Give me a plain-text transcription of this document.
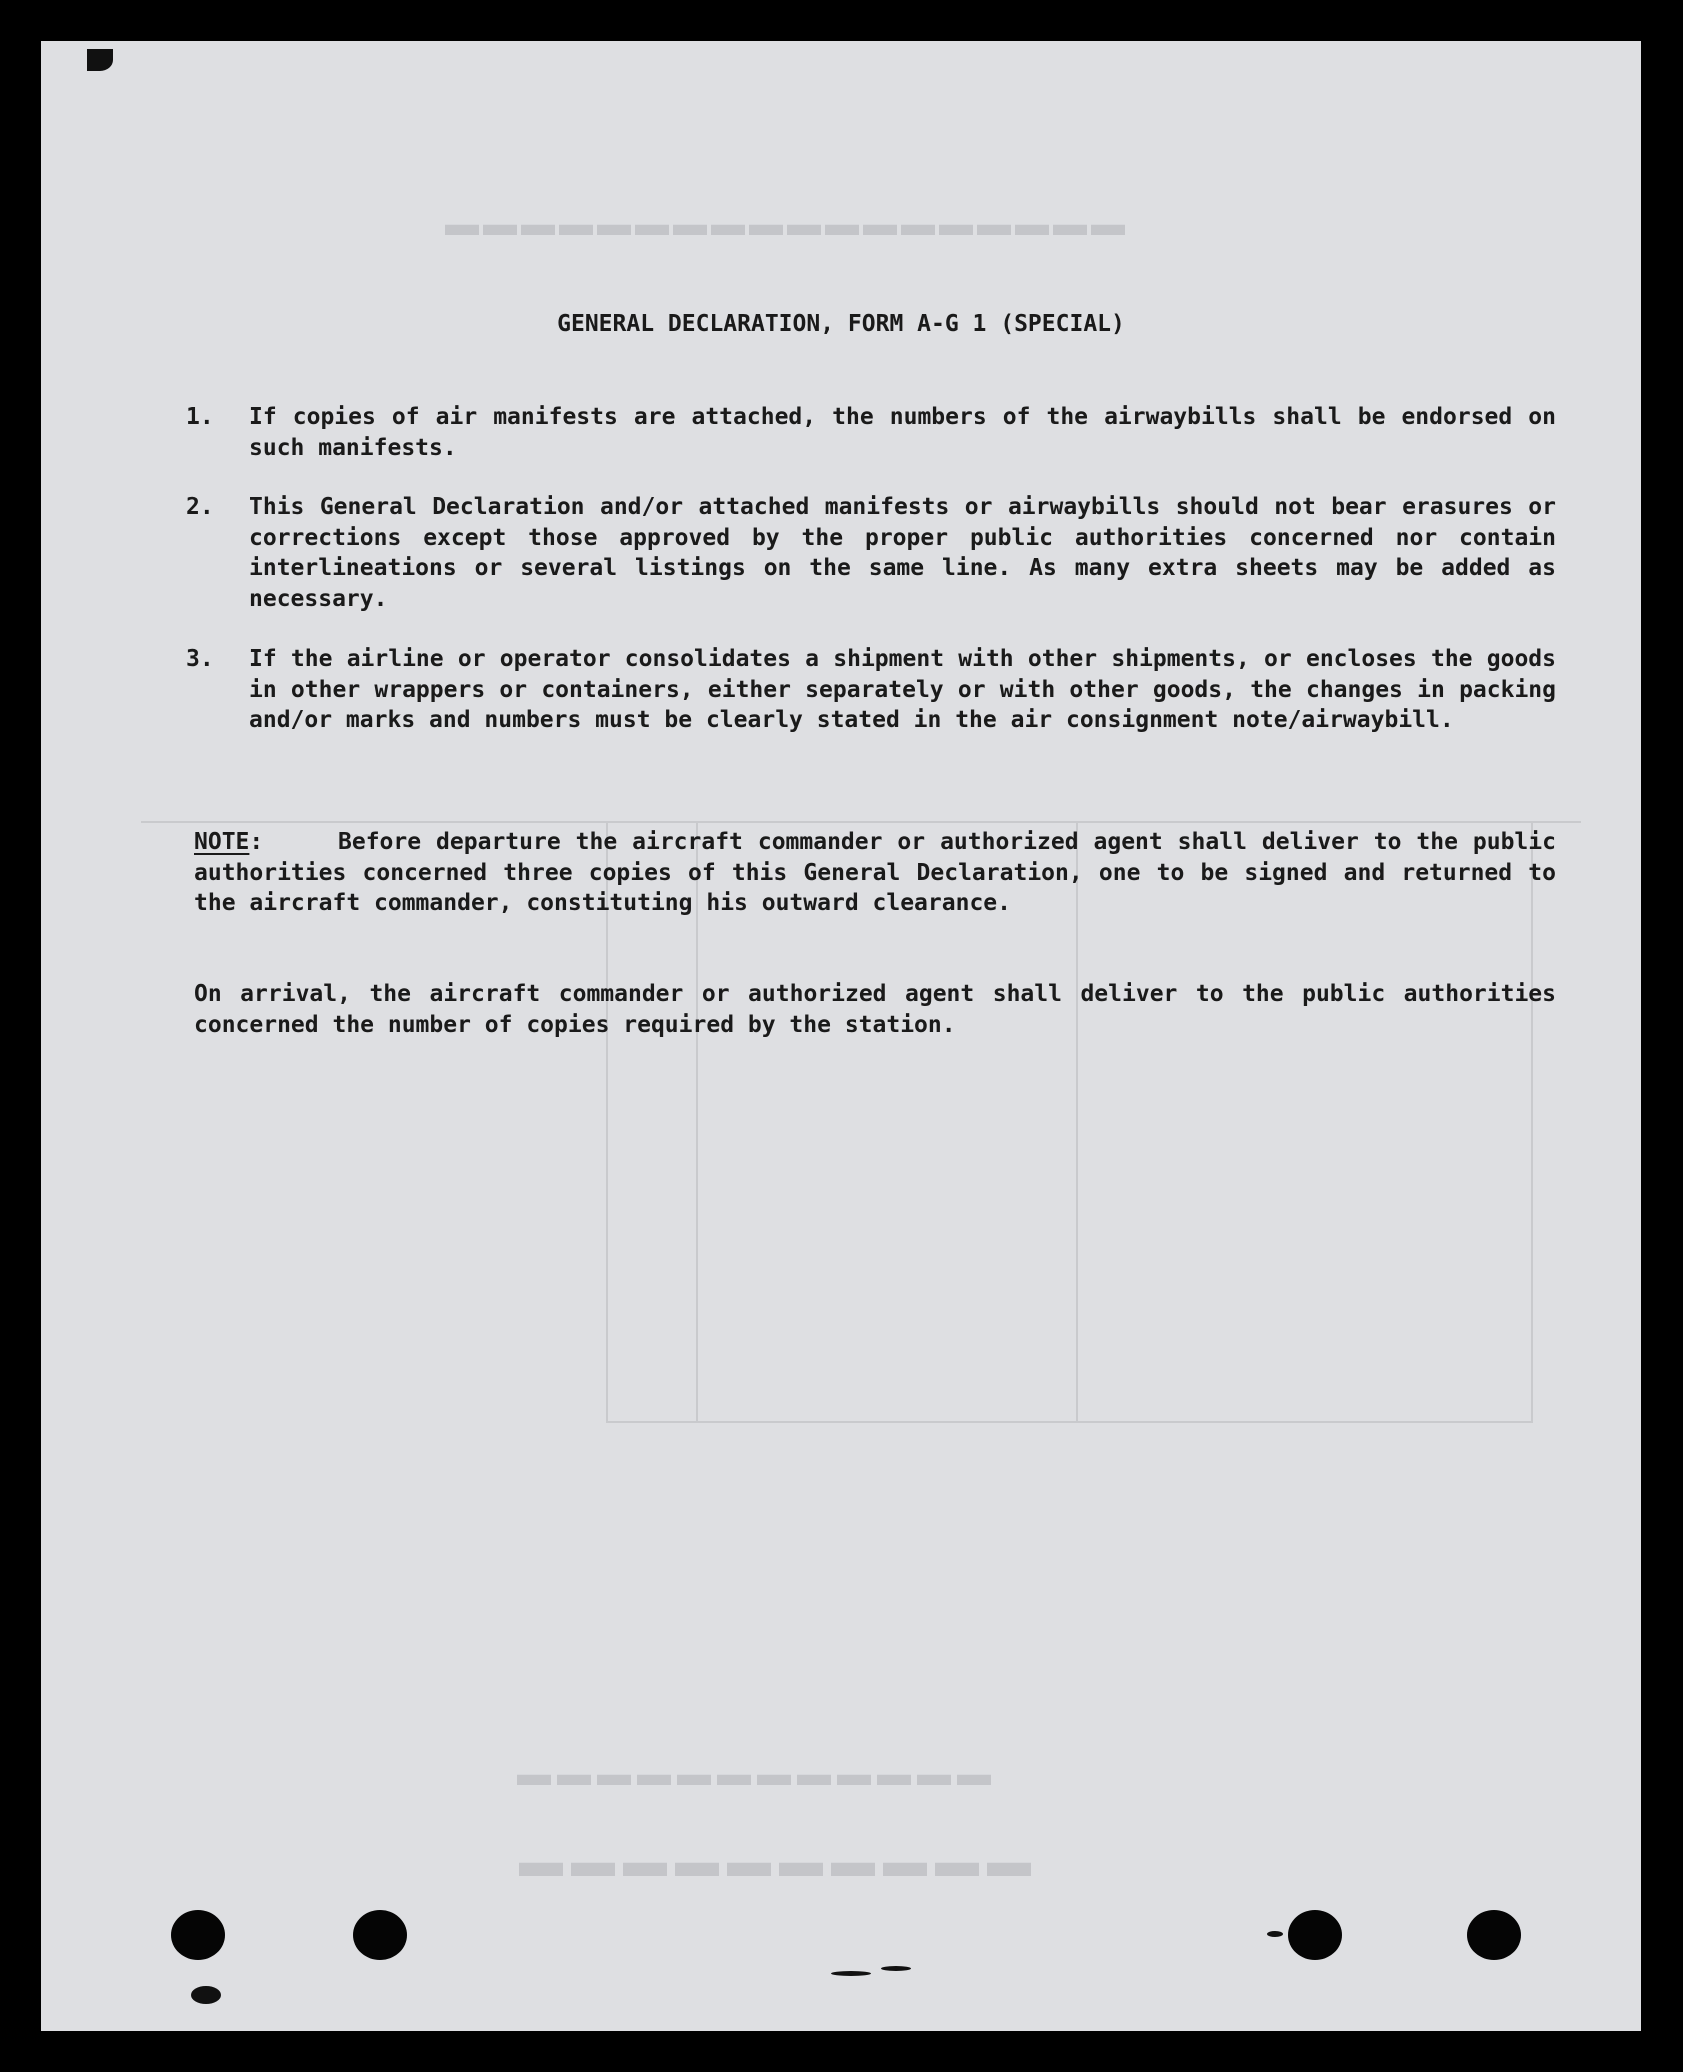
▬▬▬▬▬▬▬▬▬▬▬▬▬▬▬▬▬▬
▬▬▬▬▬▬▬▬▬▬▬▬
▬▬▬▬▬▬▬▬▬▬
GENERAL DECLARATION, FORM A-G 1 (SPECIAL)
1.	If copies of air manifests are attached, the numbers of the airwaybills shall be endorsed on such manifests.
2.	This General Declaration and/or attached manifests or airwaybills should not bear erasures or corrections except those approved by the proper public authorities concerned nor contain interlineations or several listings on the same line. As many extra sheets may be added as necessary.
3.	If the airline or operator consolidates a shipment with other shipments, or encloses the goods in other wrappers or containers, either separately or with other goods, the changes in packing and/or marks and numbers must be clearly stated in the air consignment note/airwaybill.
NOTE:	Before departure the aircraft commander or authorized agent shall deliver to the public authorities concerned three copies of this General Declaration, one to be signed and returned to the aircraft commander, constituting his outward clearance.
On arrival, the aircraft commander or authorized agent shall deliver to the public authorities concerned the number of copies required by the station.
